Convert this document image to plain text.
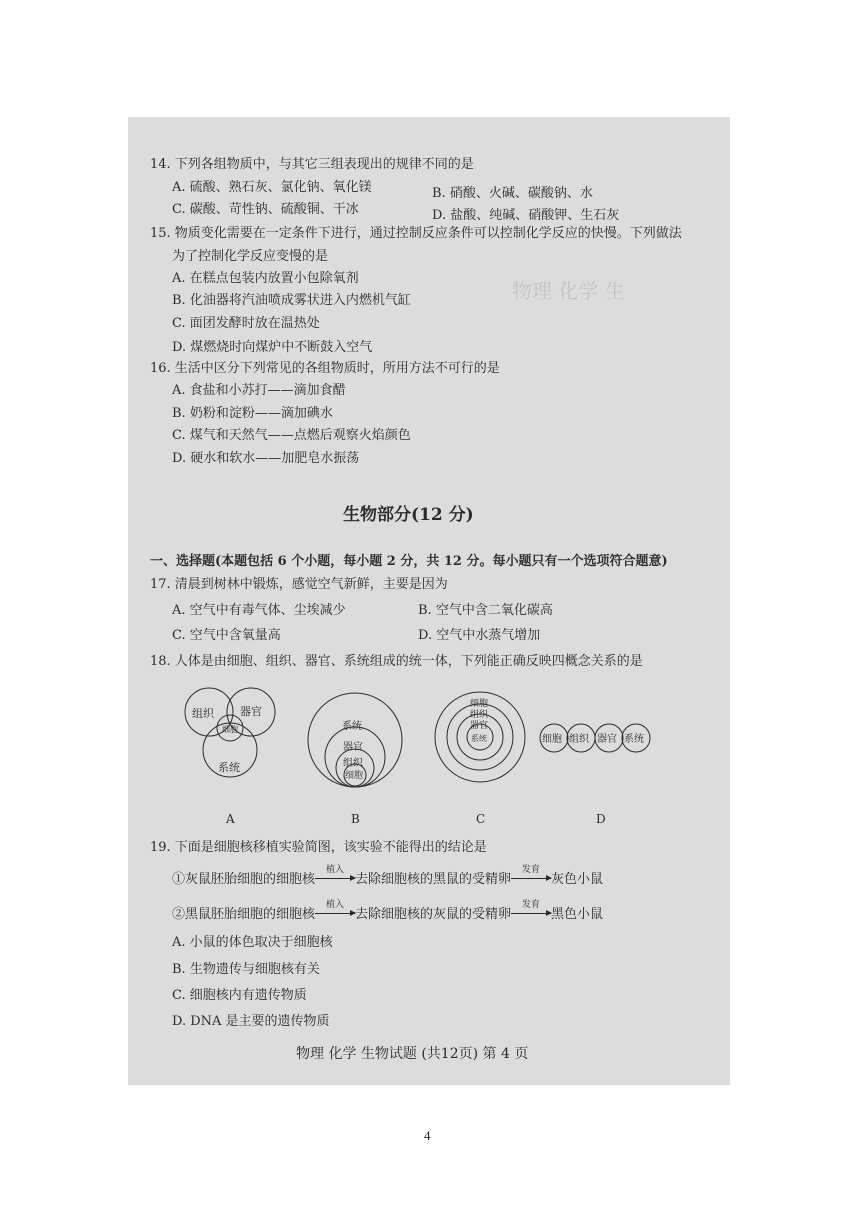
物理 化学 生
14. 下列各组物质中，与其它三组表现出的规律不同的是
A. 硫酸、熟石灰、氯化钠、氧化镁	B. 硝酸、火碱、碳酸钠、水
C. 碳酸、苛性钠、硫酸铜、干冰	D. 盐酸、纯碱、硝酸钾、生石灰
15. 物质变化需要在一定条件下进行，通过控制反应条件可以控制化学反应的快慢。下列做法
为了控制化学反应变慢的是
A. 在糕点包装内放置小包除氧剂
B. 化油器将汽油喷成雾状进入内燃机气缸
C. 面团发酵时放在温热处
D. 煤燃烧时向煤炉中不断鼓入空气
16. 生活中区分下列常见的各组物质时，所用方法不可行的是
A. 食盐和小苏打——滴加食醋
B. 奶粉和淀粉——滴加碘水
C. 煤气和天然气——点燃后观察火焰颜色
D. 硬水和软水——加肥皂水振荡
生物部分(12 分)
一、选择题(本题包括 6 个小题，每小题 2 分，共 12 分。每小题只有一个选项符合题意)
17. 清晨到树林中锻炼，感觉空气新鲜，主要是因为
A. 空气中有毒气体、尘埃减少	B. 空气中含二氧化碳高
C. 空气中含氧量高	D. 空气中水蒸气增加
18. 人体是由细胞、组织、器官、系统组成的统一体，下列能正确反映四概念关系的是
组织 器官
细胞
系统
系统
器官
组织
细胞
细胞
组织
器官
系统	细胞 组织 器官 系统
A	B	C	D
19. 下面是细胞核移植实验简图，该实验不能得出的结论是
①灰鼠胚胎细胞的细胞核
植入
去除细胞核的黑鼠的受精卵
发育
灰色小鼠
②黑鼠胚胎细胞的细胞核
植入
去除细胞核的灰鼠的受精卵
发育
黑色小鼠
A. 小鼠的体色取决于细胞核
B. 生物遗传与细胞核有关
C. 细胞核内有遗传物质
D. DNA 是主要的遗传物质
物理 化学 生物试题 (共12页) 第 4 页
4
